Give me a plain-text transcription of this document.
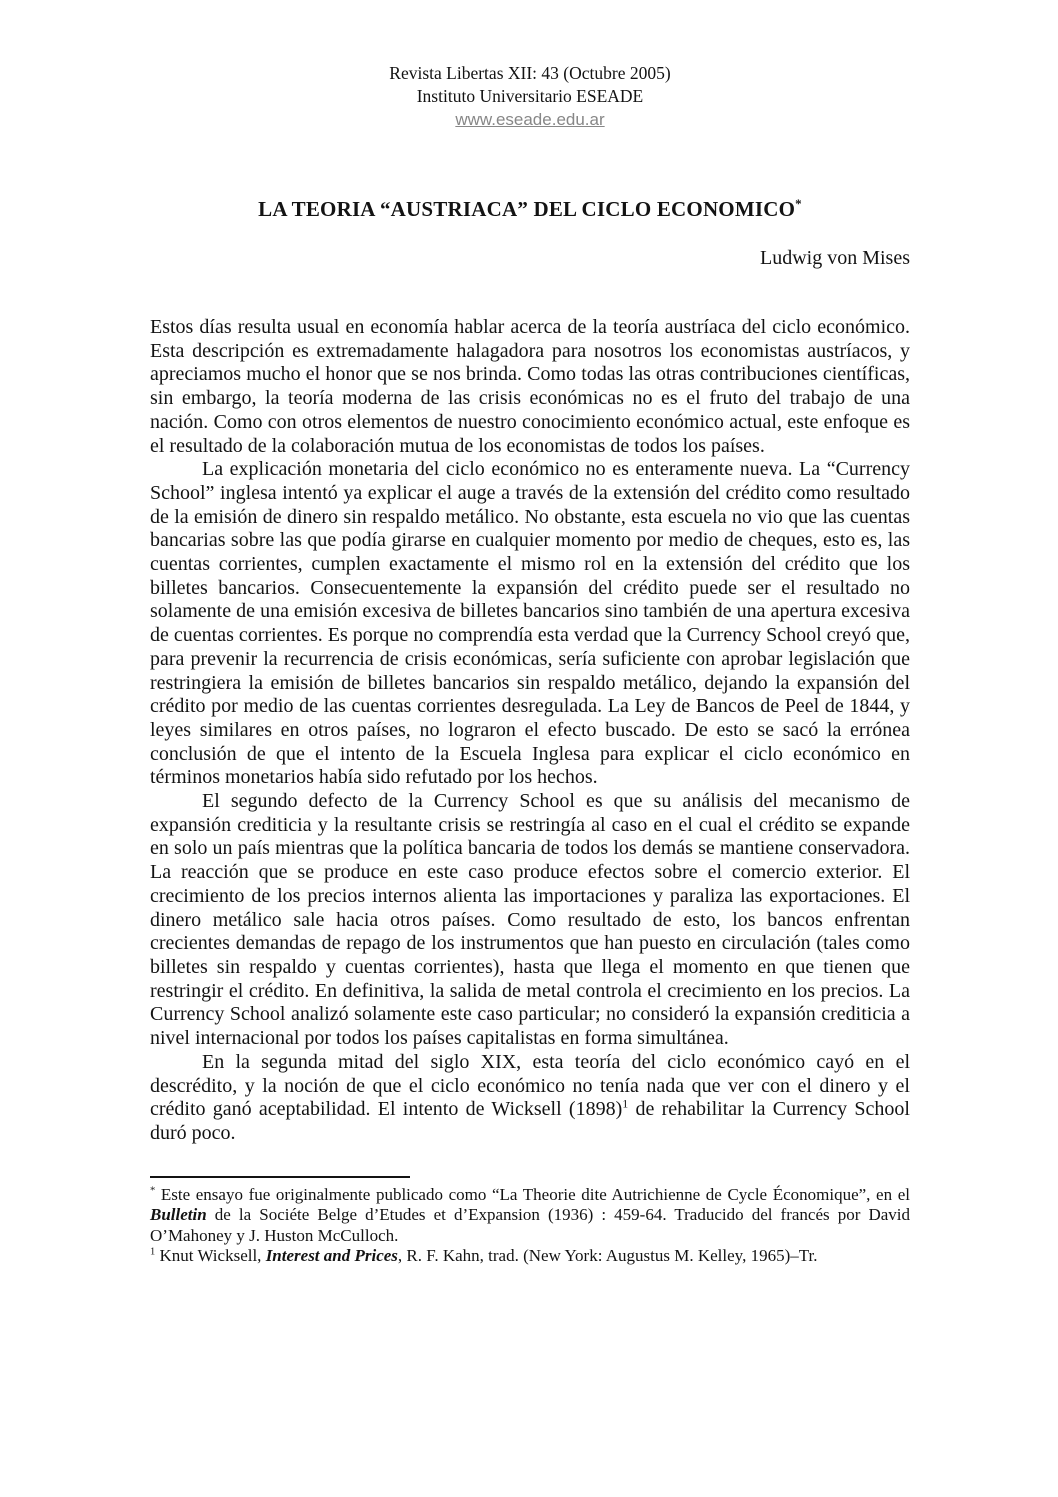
Revista Libertas XII: 43 (Octubre 2005)
Instituto Universitario ESEADE
www.eseade.edu.ar
LA TEORIA “AUSTRIACA” DEL CICLO ECONOMICO*
Ludwig von Mises

Estos días resulta usual en economía hablar acerca de la teoría austríaca del ciclo económico. Esta descripción es extremadamente halagadora para nosotros los economistas austríacos, y apreciamos mucho el honor que se nos brinda. Como todas las otras contribuciones científicas, sin embargo, la teoría moderna de las crisis económicas no es el fruto del trabajo de una nación. Como con otros elementos de nuestro conocimiento económico actual, este enfoque es el resultado de la colaboración mutua de los economistas de todos los países.

La explicación monetaria del ciclo económico no es enteramente nueva. La “Currency School” inglesa intentó ya explicar el auge a través de la extensión del crédito como resultado de la emisión de dinero sin respaldo metálico. No obstante, esta escuela no vio que las cuentas bancarias sobre las que podía girarse en cualquier momento por medio de cheques, esto es, las cuentas corrientes, cumplen exactamente el mismo rol en la extensión del crédito que los billetes bancarios. Consecuentemente la expansión del crédito puede ser el resultado no solamente de una emisión excesiva de billetes bancarios sino también de una apertura excesiva de cuentas corrientes. Es porque no comprendía esta verdad que la Currency School creyó que, para prevenir la recurrencia de crisis económicas, sería suficiente con aprobar legislación que restringiera la emisión de billetes bancarios sin respaldo metálico, dejando la expansión del crédito por medio de las cuentas corrientes desregulada. La Ley de Bancos de Peel de 1844, y leyes similares en otros países, no lograron el efecto buscado. De esto se sacó la errónea conclusión de que el intento de la Escuela Inglesa para explicar el ciclo económico en términos monetarios había sido refutado por los hechos.

El segundo defecto de la Currency School es que su análisis del mecanismo de expansión crediticia y la resultante crisis se restringía al caso en el cual el crédito se expande en solo un país mientras que la política bancaria de todos los demás se mantiene conservadora. La reacción que se produce en este caso produce efectos sobre el comercio exterior. El crecimiento de los precios internos alienta las importaciones y paraliza las exportaciones. El dinero metálico sale hacia otros países. Como resultado de esto, los bancos enfrentan crecientes demandas de repago de los instrumentos que han puesto en circulación (tales como billetes sin respaldo y cuentas corrientes), hasta que llega el momento en que tienen que restringir el crédito. En definitiva, la salida de metal controla el crecimiento en los precios. La Currency School analizó solamente este caso particular; no consideró la expansión crediticia a nivel internacional por todos los países capitalistas en forma simultánea.

En la segunda mitad del siglo XIX, esta teoría del ciclo económico cayó en el descrédito, y la noción de que el ciclo económico no tenía nada que ver con el dinero y el crédito ganó aceptabilidad. El intento de Wicksell $(1898)^1$ de rehabilitar la Currency School duró poco.

* Este ensayo fue originalmente publicado como “La Theorie dite Autrichienne de Cycle Économique”, en el Bulletin de la Sociéte Belge d’Etudes et d’Expansion (1936) : 459-64. Traducido del francés por David O’Mahoney y J. Huston McCulloch.

$^1$ Knut Wicksell, Interest and Prices, R. F. Kahn, trad. (New York: Augustus M. Kelley, 1965)–Tr.
